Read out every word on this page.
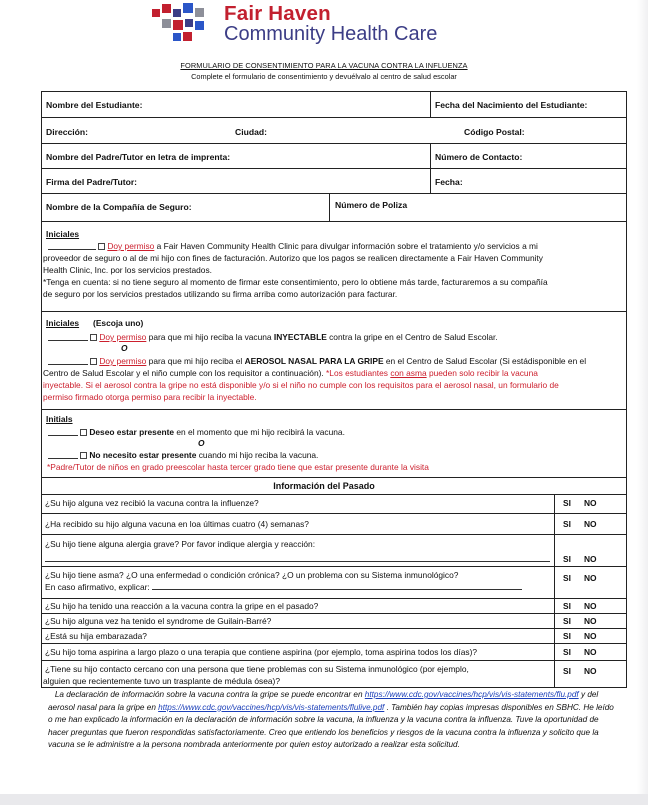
Fair Haven
Community Health Care
FORMULARIO DE CONSENTIMIENTO PARA LA VACUNA CONTRA LA INFLUENZA
Complete el formulario de consentimiento y devuélvalo al centro de salud escolar
Nombre del Estudiante:	Fecha del Nacimiento del Estudiante:
Dirección:	Ciudad:	Código Postal:
Nombre del Padre/Tutor en letra de imprenta:	Número de Contacto:
Firma del Padre/Tutor:	Fecha:
Nombre de la Compañía de Seguro:	Número de Poliza
Iniciales
Doy permiso a Fair Haven Community Health Clinic para divulgar información sobre el tratamiento y/o servicios a mi
proveedor de seguro o al de mi hijo con fines de facturación. Autorizo que los pagos se realicen directamente a Fair Haven Community
Health Clinic, Inc. por los servicios prestados.
*Tenga en cuenta: si no tiene seguro al momento de firmar este consentimiento, pero lo obtiene más tarde, facturaremos a su compañía
de seguro por los servicios prestados utilizando su firma arriba como autorización para facturar.
Iniciales (Escoja uno)
Doy permiso para que mi hijo reciba la vacuna INYECTABLE contra la gripe en el Centro de Salud Escolar.
O
Doy permiso para que mi hijo reciba el AEROSOL NASAL PARA LA GRIPE en el Centro de Salud Escolar (Si estádisponible en el
Centro de Salud Escolar y el niño cumple con los requisitor a continuación). *Los estudiantes con asma pueden solo recibir la vacuna
inyectable. Si el aerosol contra la gripe no está disponible y/o si el niño no cumple con los requisitos para el aerosol nasal, un formulario de
permiso firmado otorga permiso para recibir la inyectable.
Initials
Deseo estar presente en el momento que mi hijo recibirá la vacuna.
O
No necesito estar presente cuando mi hijo reciba la vacuna.
*Padre/Tutor de niños en grado preescolar hasta tercer grado tiene que estar presente durante la visita
Información del Pasado
¿Su hijo alguna vez recibió la vacuna contra la influenze?	SI NO
¿Ha recibido su hijo alguna vacuna en loa últimas cuatro (4) semanas?	SI NO
¿Su hijo tiene alguna alergia grave? Por favor indique alergia y reacción:
SI NO
¿Su hijo tiene asma? ¿O una enfermedad o condición crónica? ¿O un problema con su Sistema inmunológico?
En caso afirmativo, explicar:
SI NO
¿Su hijo ha tenido una reacción a la vacuna contra la gripe en el pasado?	SI NO
¿Su hijo alguna vez ha tenido el syndrome de Guilain-Barré?	SI NO
¿Está su hija embarazada?	SI NO
¿Su hijo toma aspirina a largo plazo o una terapia que contiene aspirina (por ejemplo, toma aspirina todos los días)?	SI NO
¿Tiene su hijo contacto cercano con una persona que tiene problemas con su Sistema inmunológico (por ejemplo,
alguien que recientemente tuvo un trasplante de médula ósea)?
SI NO
La declaración de información sobre la vacuna contra la gripe se puede encontrar en https://www.cdc.gov/vaccines/hcp/vis/vis-statements/flu.pdf y del aerosol nasal para la gripe en https://www.cdc.gov/vaccines/hcp/vis/vis-statements/flulive.pdf . También hay copias impresas disponibles en SBHC. He leído o me han explicado la información en la declaración de información sobre la vacuna, la influenza y la vacuna contra la influenza. Tuve la oportunidad de hacer preguntas que fueron respondidas satisfactoriamente. Creo que entiendo los beneficios y riesgos de la vacuna contra la influenza y solicito que la vacuna se le administre a la persona nombrada anteriormente por quien estoy autorizado a realizar esta solicitud.
